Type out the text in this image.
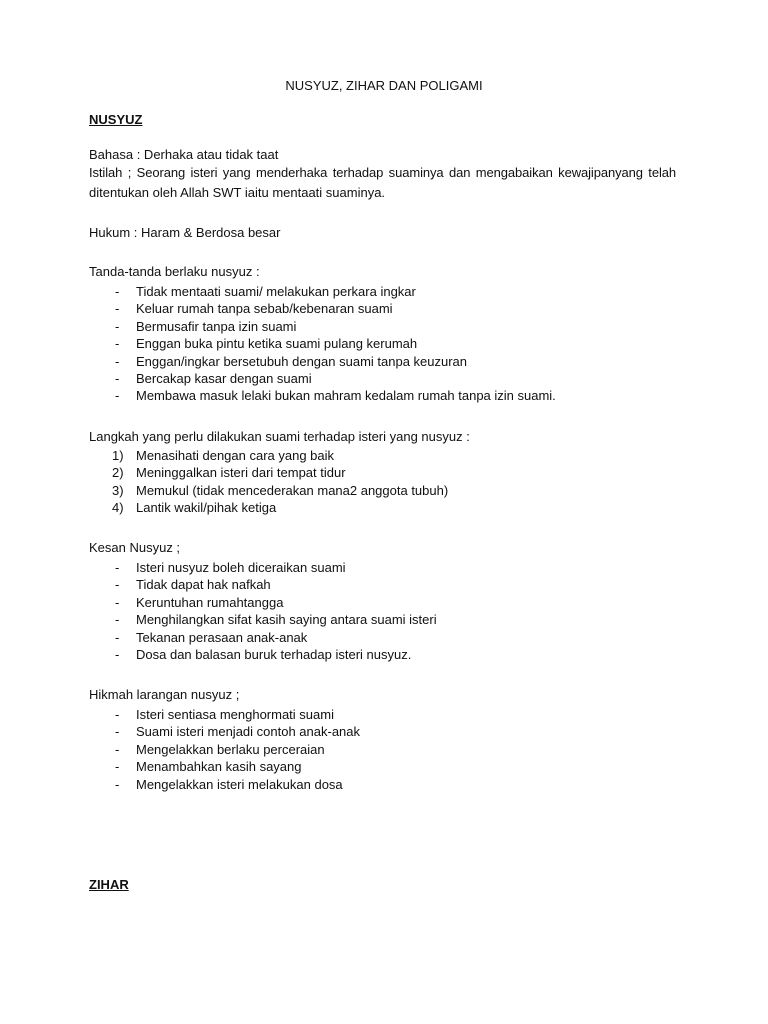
NUSYUZ, ZIHAR DAN POLIGAMI
NUSYUZ
Bahasa : Derhaka atau tidak taat
Istilah ; Seorang isteri yang menderhaka terhadap suaminya dan mengabaikan kewajipanyang telah
ditentukan oleh Allah SWT iaitu mentaati suaminya.
Hukum : Haram & Berdosa besar
Tanda-tanda berlaku nusyuz :
- Tidak mentaati suami/ melakukan perkara ingkar
- Keluar rumah tanpa sebab/kebenaran suami
- Bermusafir tanpa izin suami
- Enggan buka pintu ketika suami pulang kerumah
- Enggan/ingkar bersetubuh dengan suami tanpa keuzuran
- Bercakap kasar dengan suami
- Membawa masuk lelaki bukan mahram kedalam rumah tanpa izin suami.
Langkah yang perlu dilakukan suami terhadap isteri yang nusyuz :
1) Menasihati dengan cara yang baik
2) Meninggalkan isteri dari tempat tidur
3) Memukul (tidak mencederakan mana2 anggota tubuh)
4) Lantik wakil/pihak ketiga
Kesan Nusyuz ;
- Isteri nusyuz boleh diceraikan suami
- Tidak dapat hak nafkah
- Keruntuhan rumahtangga
- Menghilangkan sifat kasih saying antara suami isteri
- Tekanan perasaan anak-anak
- Dosa dan balasan buruk terhadap isteri nusyuz.
Hikmah larangan nusyuz ;
- Isteri sentiasa menghormati suami
- Suami isteri menjadi contoh anak-anak
- Mengelakkan berlaku perceraian
- Menambahkan kasih sayang
- Mengelakkan isteri melakukan dosa
ZIHAR
